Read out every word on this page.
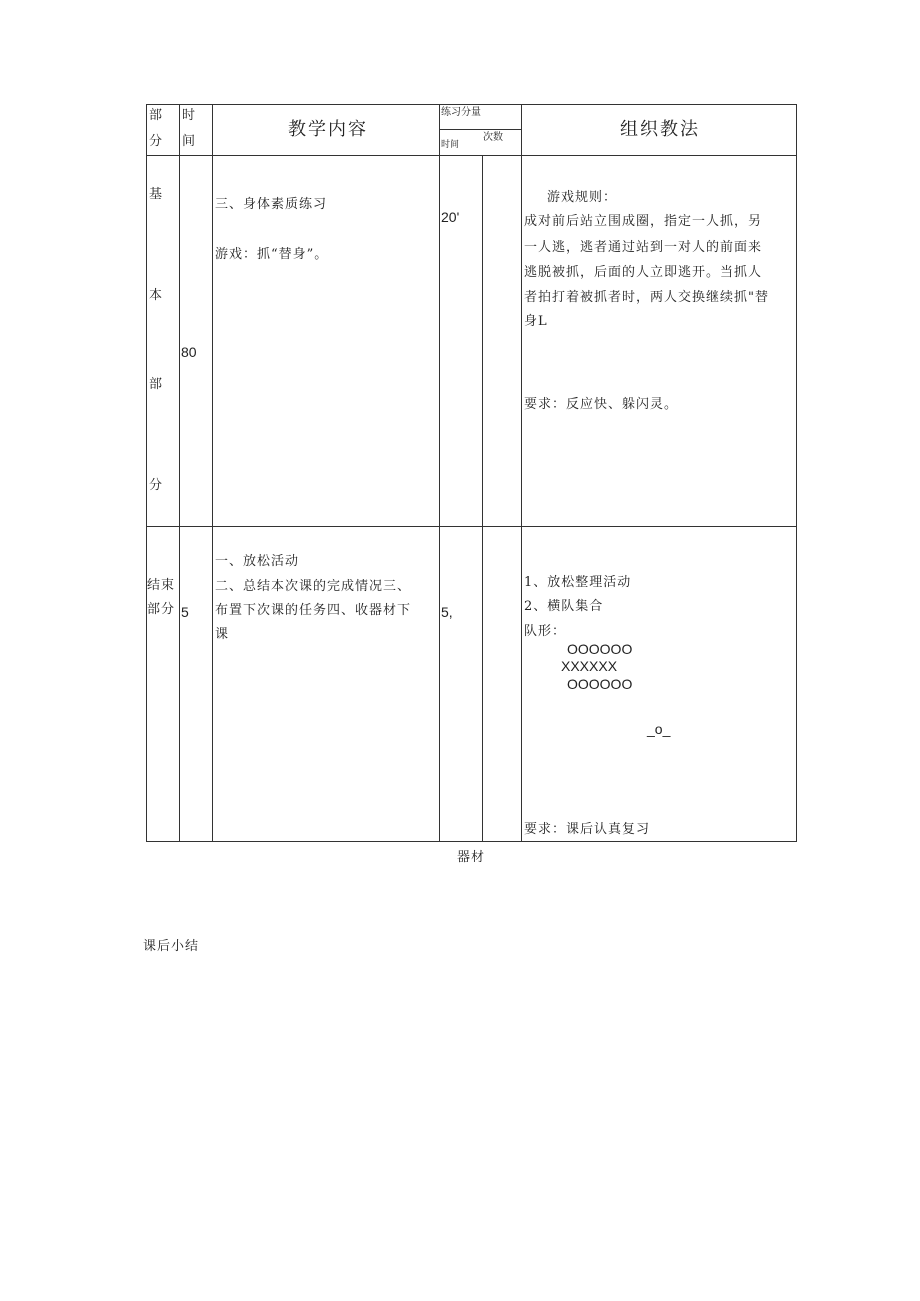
部
分
时
间
教学内容
练习分量
时间
次数	组织教法
基
本
部
分
80
三、身体素质练习
游戏：抓“替身”。
20'
游戏规则：
成对前后站立围成圈，指定一人抓，另
一人逃，逃者通过站到一对人的前面来
逃脱被抓，后面的人立即逃开。当抓人
者拍打着被抓者时，两人交换继续抓"替
身L
要求：反应快、躲闪灵。
结束
部分 5
一、放松活动
二、总结本次课的完成情况三、
布置下次课的任务四、收器材下
课
5,
1、放松整理活动
2、横队集合
队形：
OOOOOO
XXXXXX
OOOOOO
_o_
要求：课后认真复习
器材
课后小结
